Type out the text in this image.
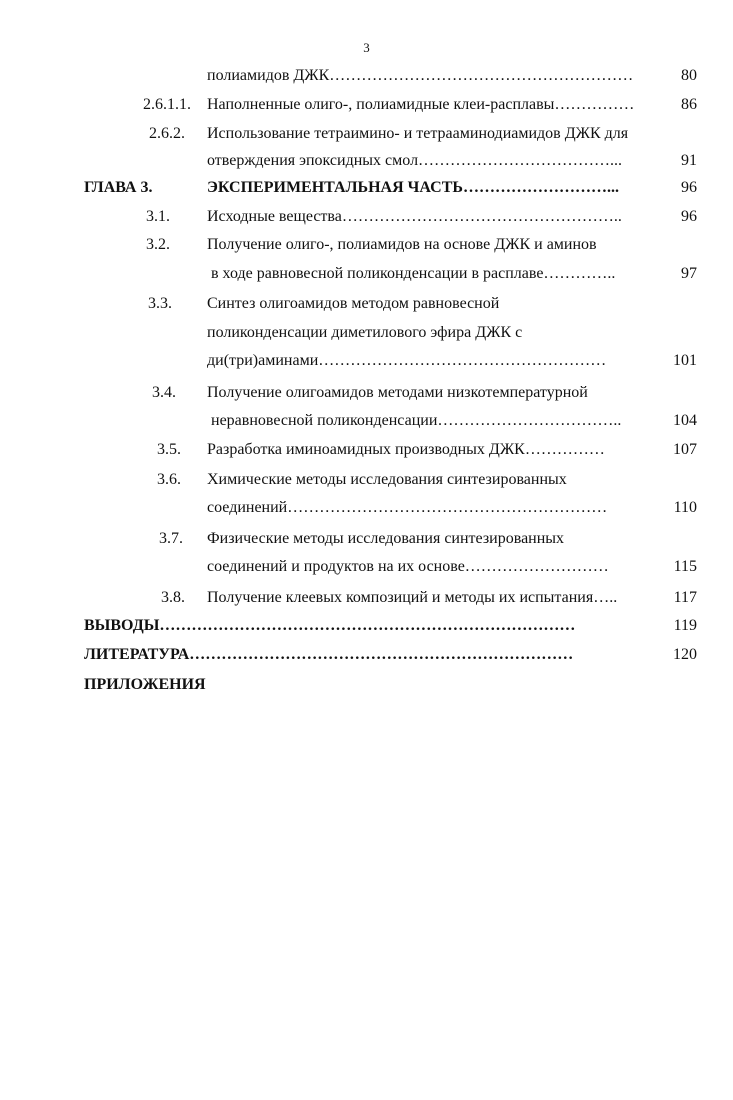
3
полиамидов ДЖК…………………………………………………	80
2.6.1.1. Наполненные олиго-, полиамидные клеи-расплавы……………	86
2.6.2. Использование тетраимино- и тетрааминодиамидов ДЖК для
отверждения эпоксидных смол………………………………...	91
ГЛАВА 3.	ЭКСПЕРИМЕНТАЛЬНАЯ ЧАСТЬ………………………...	96
3.1. Исходные вещества……………………………………………..	96
3.2. Получение олиго-, полиамидов на основе ДЖК и аминов
в ходе равновесной поликонденсации в расплаве…………..	97
3.3. Синтез олигоамидов методом равновесной
поликонденсации диметилового эфира ДЖК с
ди(три)аминами………………………………………………	101
3.4. Получение олигоамидов методами низкотемпературной
неравновесной поликонденсации……………………………..	104
3.5. Разработка иминоамидных производных ДЖК……………	107
3.6. Химические методы исследования синтезированных
соединений……………………………………………………	110
3.7. Физические методы исследования синтезированных
соединений и продуктов на их основе………………………	115
3.8. Получение клеевых композиций и методы их испытания…..	117
ВЫВОДЫ……………………………………………………………………	119
ЛИТЕРАТУРА………………………………………………………………	120
ПРИЛОЖЕНИЯ
